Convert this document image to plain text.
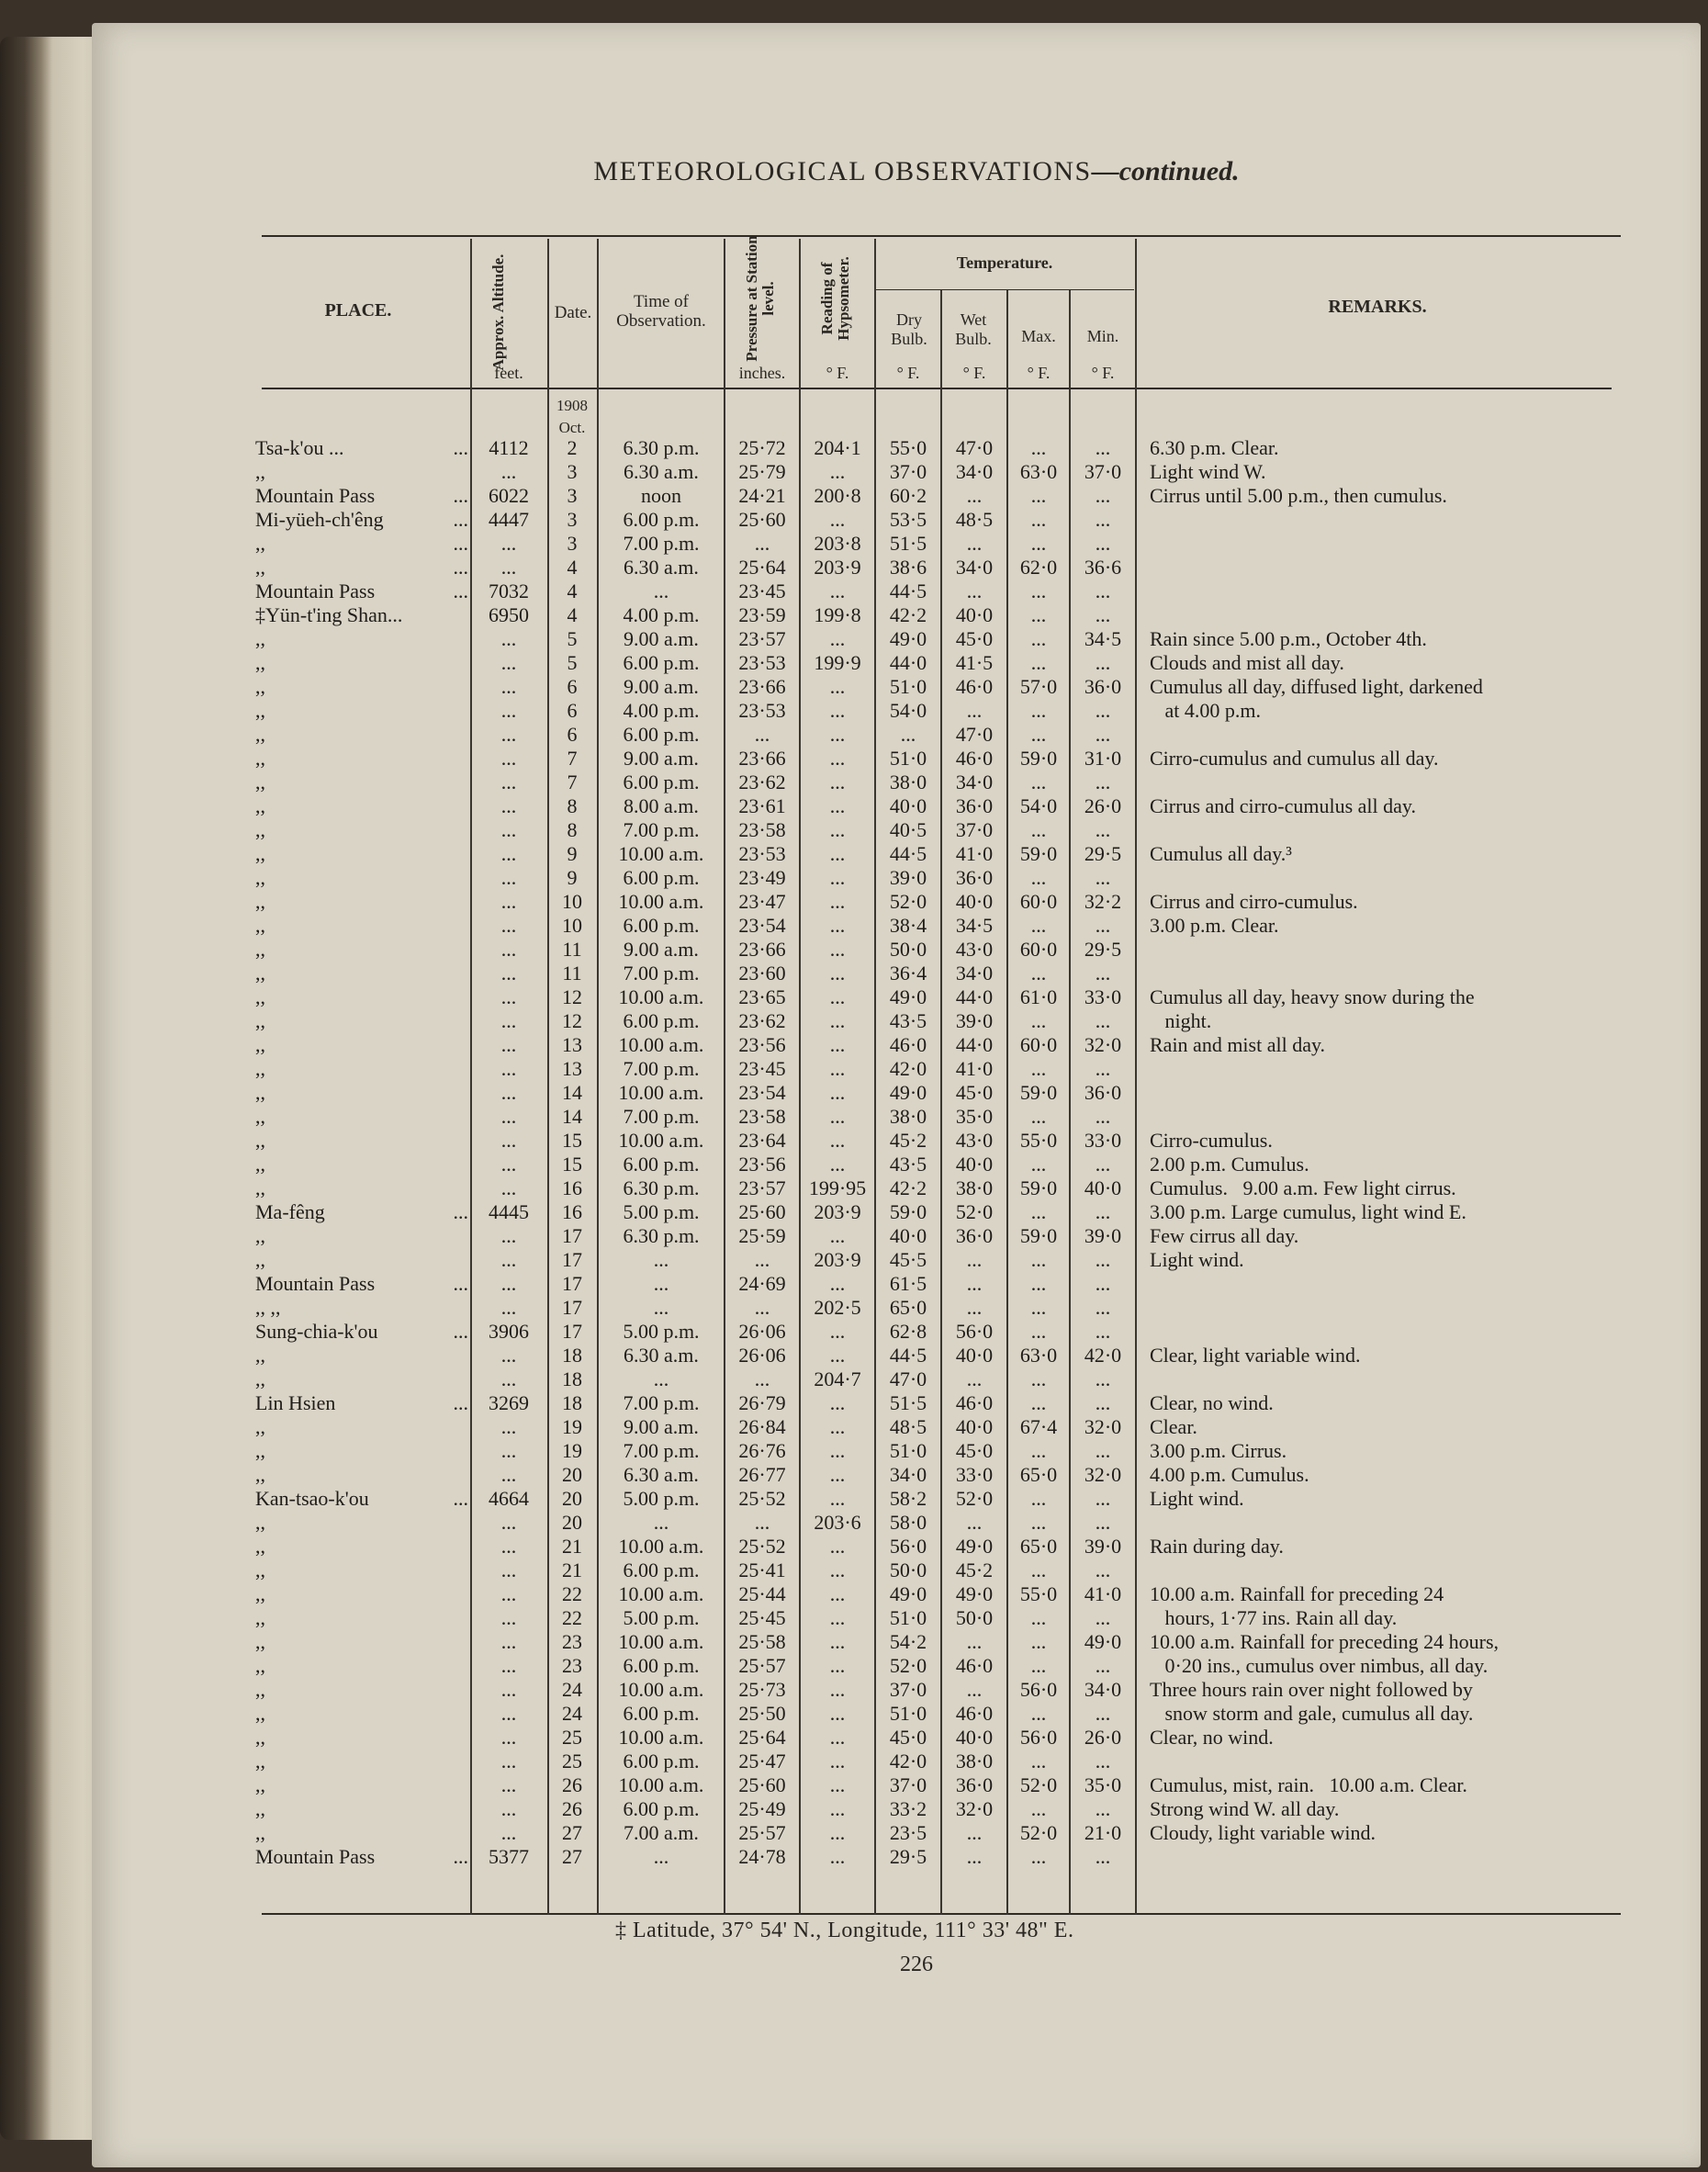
METEOROLOGICAL OBSERVATIONS—continued.
PLACE.	Approx. Altitude.	Date.
Time of Observation.	Pressure at Station level.	Reading of Hypsometer.	Temperature.
Dry Bulb.
Wet Bulb.	Max.	Min.
REMARKS.
feet.	inches.	° F.	° F.	° F.	° F.	° F.
1908
Oct.
Tsa-k'ou ...	...	4112	2	6.30 p.m.	25·72	204·1	55·0	47·0	...	...	6.30 p.m. Clear.
,,	...	3	6.30 a.m.	25·79	...	37·0	34·0	63·0	37·0	Light wind W.
Mountain Pass	...	6022	3	noon	24·21	200·8	60·2	...	...	...	Cirrus until 5.00 p.m., then cumulus.
Mi-yüeh-ch'êng	...	4447	3	6.00 p.m.	25·60	...	53·5	48·5	...	...
,,	...	...	3	7.00 p.m.	...	203·8	51·5	...	...	...
,,	...	...	4	6.30 a.m.	25·64	203·9	38·6	34·0	62·0	36·6
Mountain Pass	...	7032	4	...	23·45	...	44·5	...	...	...
‡Yün-t'ing Shan...	6950	4	4.00 p.m.	23·59	199·8	42·2	40·0	...	...
,,	...	5	9.00 a.m.	23·57	...	49·0	45·0	...	34·5	Rain since 5.00 p.m., October 4th.
,,	...	5	6.00 p.m.	23·53	199·9	44·0	41·5	...	...	Clouds and mist all day.
,,	...	6	9.00 a.m.	23·66	...	51·0	46·0	57·0	36·0	Cumulus all day, diffused light, darkened
,,	...	6	4.00 p.m.	23·53	...	54·0	...	...	...	at 4.00 p.m.
,,	...	6	6.00 p.m.	...	...	...	47·0	...	...
,,	...	7	9.00 a.m.	23·66	...	51·0	46·0	59·0	31·0	Cirro-cumulus and cumulus all day.
,,	...	7	6.00 p.m.	23·62	...	38·0	34·0	...	...
,,	...	8	8.00 a.m.	23·61	...	40·0	36·0	54·0	26·0	Cirrus and cirro-cumulus all day.
,,	...	8	7.00 p.m.	23·58	...	40·5	37·0	...	...
,,	...	9	10.00 a.m.	23·53	...	44·5	41·0	59·0	29·5	Cumulus all day.³
,,	...	9	6.00 p.m.	23·49	...	39·0	36·0	...	...
,,	...	10	10.00 a.m.	23·47	...	52·0	40·0	60·0	32·2	Cirrus and cirro-cumulus.
,,	...	10	6.00 p.m.	23·54	...	38·4	34·5	...	...	3.00 p.m. Clear.
,,	...	11	9.00 a.m.	23·66	...	50·0	43·0	60·0	29·5
,,	...	11	7.00 p.m.	23·60	...	36·4	34·0	...	...
,,	...	12	10.00 a.m.	23·65	...	49·0	44·0	61·0	33·0	Cumulus all day, heavy snow during the
,,	...	12	6.00 p.m.	23·62	...	43·5	39·0	...	...	night.
,,	...	13	10.00 a.m.	23·56	...	46·0	44·0	60·0	32·0	Rain and mist all day.
,,	...	13	7.00 p.m.	23·45	...	42·0	41·0	...	...
,,	...	14	10.00 a.m.	23·54	...	49·0	45·0	59·0	36·0
,,	...	14	7.00 p.m.	23·58	...	38·0	35·0	...	...
,,	...	15	10.00 a.m.	23·64	...	45·2	43·0	55·0	33·0	Cirro-cumulus.
,,	...	15	6.00 p.m.	23·56	...	43·5	40·0	...	...	2.00 p.m. Cumulus.
,,	...	16	6.30 p.m.	23·57	199·95	42·2	38·0	59·0	40·0	Cumulus.   9.00 a.m. Few light cirrus.
Ma-fêng	...	4445	16	5.00 p.m.	25·60	203·9	59·0	52·0	...	...	3.00 p.m. Large cumulus, light wind E.
,,	...	17	6.30 p.m.	25·59	...	40·0	36·0	59·0	39·0	Few cirrus all day.
,,	...	17	...	...	203·9	45·5	...	...	...	Light wind.
Mountain Pass	...	...	17	...	24·69	...	61·5	...	...	...
,, ,,	...	17	...	...	202·5	65·0	...	...	...
Sung-chia-k'ou	...	3906	17	5.00 p.m.	26·06	...	62·8	56·0	...	...
,,	...	18	6.30 a.m.	26·06	...	44·5	40·0	63·0	42·0	Clear, light variable wind.
,,	...	18	...	...	204·7	47·0	...	...	...
Lin Hsien	...	3269	18	7.00 p.m.	26·79	...	51·5	46·0	...	...	Clear, no wind.
,,	...	19	9.00 a.m.	26·84	...	48·5	40·0	67·4	32·0	Clear.
,,	...	19	7.00 p.m.	26·76	...	51·0	45·0	...	...	3.00 p.m. Cirrus.
,,	...	20	6.30 a.m.	26·77	...	34·0	33·0	65·0	32·0	4.00 p.m. Cumulus.
Kan-tsao-k'ou	...	4664	20	5.00 p.m.	25·52	...	58·2	52·0	...	...	Light wind.
,,	...	20	...	...	203·6	58·0	...	...	...
,,	...	21	10.00 a.m.	25·52	...	56·0	49·0	65·0	39·0	Rain during day.
,,	...	21	6.00 p.m.	25·41	...	50·0	45·2	...	...
,,	...	22	10.00 a.m.	25·44	...	49·0	49·0	55·0	41·0	10.00 a.m. Rainfall for preceding 24
,,	...	22	5.00 p.m.	25·45	...	51·0	50·0	...	...	hours, 1·77 ins. Rain all day.
,,	...	23	10.00 a.m.	25·58	...	54·2	...	...	49·0	10.00 a.m. Rainfall for preceding 24 hours,
,,	...	23	6.00 p.m.	25·57	...	52·0	46·0	...	...	0·20 ins., cumulus over nimbus, all day.
,,	...	24	10.00 a.m.	25·73	...	37·0	...	56·0	34·0	Three hours rain over night followed by
,,	...	24	6.00 p.m.	25·50	...	51·0	46·0	...	...	snow storm and gale, cumulus all day.
,,	...	25	10.00 a.m.	25·64	...	45·0	40·0	56·0	26·0	Clear, no wind.
,,	...	25	6.00 p.m.	25·47	...	42·0	38·0	...	...
,,	...	26	10.00 a.m.	25·60	...	37·0	36·0	52·0	35·0	Cumulus, mist, rain.   10.00 a.m. Clear.
,,	...	26	6.00 p.m.	25·49	...	33·2	32·0	...	...	Strong wind W. all day.
,,	...	27	7.00 a.m.	25·57	...	23·5	...	52·0	21·0	Cloudy, light variable wind.
Mountain Pass	...	5377	27	...	24·78	...	29·5	...	...	...
‡ Latitude, 37° 54' N., Longitude, 111° 33' 48" E.
226
